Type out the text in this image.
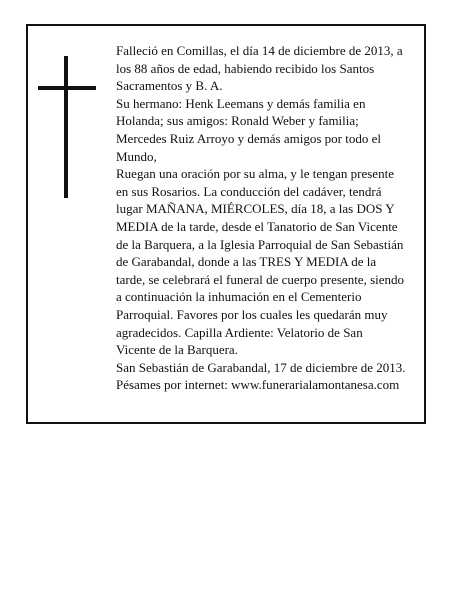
Falleció en Comillas, el día 14 de diciembre de 2013, a
los 88 años de edad, habiendo recibido los Santos
Sacramentos y B. A.
Su hermano: Henk Leemans y demás familia en
Holanda; sus amigos: Ronald Weber y familia;
Mercedes Ruiz Arroyo y demás amigos por todo el
Mundo,
Ruegan una oración por su alma, y le tengan presente
en sus Rosarios. La conducción del cadáver, tendrá
lugar MAÑANA, MIÉRCOLES, día 18, a las DOS Y
MEDIA de la tarde, desde el Tanatorio de San Vicente
de la Barquera, a la Iglesia Parroquial de San Sebastián
de Garabandal, donde a las TRES Y MEDIA de la
tarde, se celebrará el funeral de cuerpo presente, siendo
a continuación la inhumación en el Cementerio
Parroquial. Favores por los cuales les quedarán muy
agradecidos. Capilla Ardiente: Velatorio de San
Vicente de la Barquera.
San Sebastián de Garabandal, 17 de diciembre de 2013.
Pésames por internet: www.funerarialamontanesa.com
